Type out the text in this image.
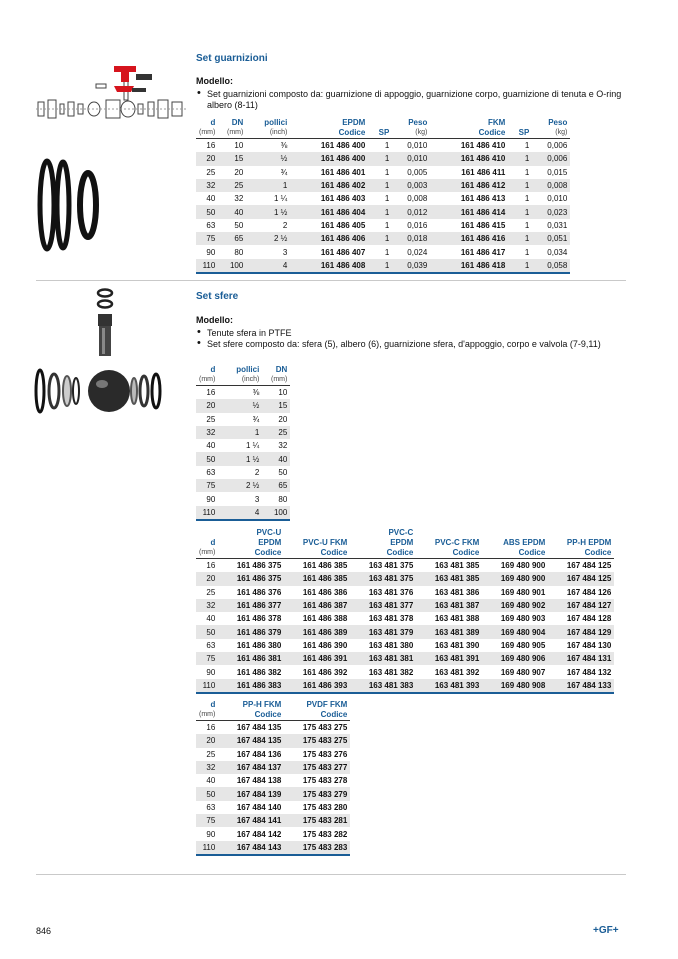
Set guarnizioni
Modello:
• Set guarnizioni composto da: guarnizione di appoggio, guarnizione corpo, guarnizione di tenuta e O-ring albero (8-11)
d
(mm)	DN
(mm)	pollici
(inch)	EPDM
Codice	SP	Peso
(kg)	FKM
Codice	SP	Peso
(kg)

16	10	⅜	161 486 400	1	0,010	161 486 410	1	0,006
20	15	½	161 486 400	1	0,010	161 486 410	1	0,006
25	20	¾	161 486 401	1	0,005	161 486 411	1	0,015
32	25	1	161 486 402	1	0,003	161 486 412	1	0,008
40	32	1 ¼	161 486 403	1	0,008	161 486 413	1	0,010
50	40	1 ½	161 486 404	1	0,012	161 486 414	1	0,023
63	50	2	161 486 405	1	0,016	161 486 415	1	0,031
75	65	2 ½	161 486 406	1	0,018	161 486 416	1	0,051
90	80	3	161 486 407	1	0,024	161 486 417	1	0,034
110	100	4	161 486 408	1	0,039	161 486 418	1	0,058
Set sfere
Modello:
• Tenute sfera in PTFE
• Set sfere composto da: sfera (5), albero (6), guarnizione sfera, d'appoggio, corpo e valvola (7-9,11)
d
(mm)	pollici
(inch)	DN
(mm)

16	⅜	10
20	½	15
25	¾	20
32	1	25
40	1 ¼	32
50	1 ½	40
63	2	50
75	2 ½	65
90	3	80
110	4	100
d
(mm)	PVC-U
EPDM
Codice	PVC-U FKM
Codice	PVC-C
EPDM
Codice	PVC-C FKM
Codice	ABS EPDM
Codice	PP-H EPDM
Codice

16	161 486 375	161 486 385	163 481 375	163 481 385	169 480 900	167 484 125
20	161 486 375	161 486 385	163 481 375	163 481 385	169 480 900	167 484 125
25	161 486 376	161 486 386	163 481 376	163 481 386	169 480 901	167 484 126
32	161 486 377	161 486 387	163 481 377	163 481 387	169 480 902	167 484 127
40	161 486 378	161 486 388	163 481 378	163 481 388	169 480 903	167 484 128
50	161 486 379	161 486 389	163 481 379	163 481 389	169 480 904	167 484 129
63	161 486 380	161 486 390	163 481 380	163 481 390	169 480 905	167 484 130
75	161 486 381	161 486 391	163 481 381	163 481 391	169 480 906	167 484 131
90	161 486 382	161 486 392	163 481 382	163 481 392	169 480 907	167 484 132
110	161 486 383	161 486 393	163 481 383	163 481 393	169 480 908	167 484 133
d
(mm)	PP-H FKM
Codice	PVDF FKM
Codice

16	167 484 135	175 483 275
20	167 484 135	175 483 275
25	167 484 136	175 483 276
32	167 484 137	175 483 277
40	167 484 138	175 483 278
50	167 484 139	175 483 279
63	167 484 140	175 483 280
75	167 484 141	175 483 281
90	167 484 142	175 483 282
110	167 484 143	175 483 283
846	+GF+
